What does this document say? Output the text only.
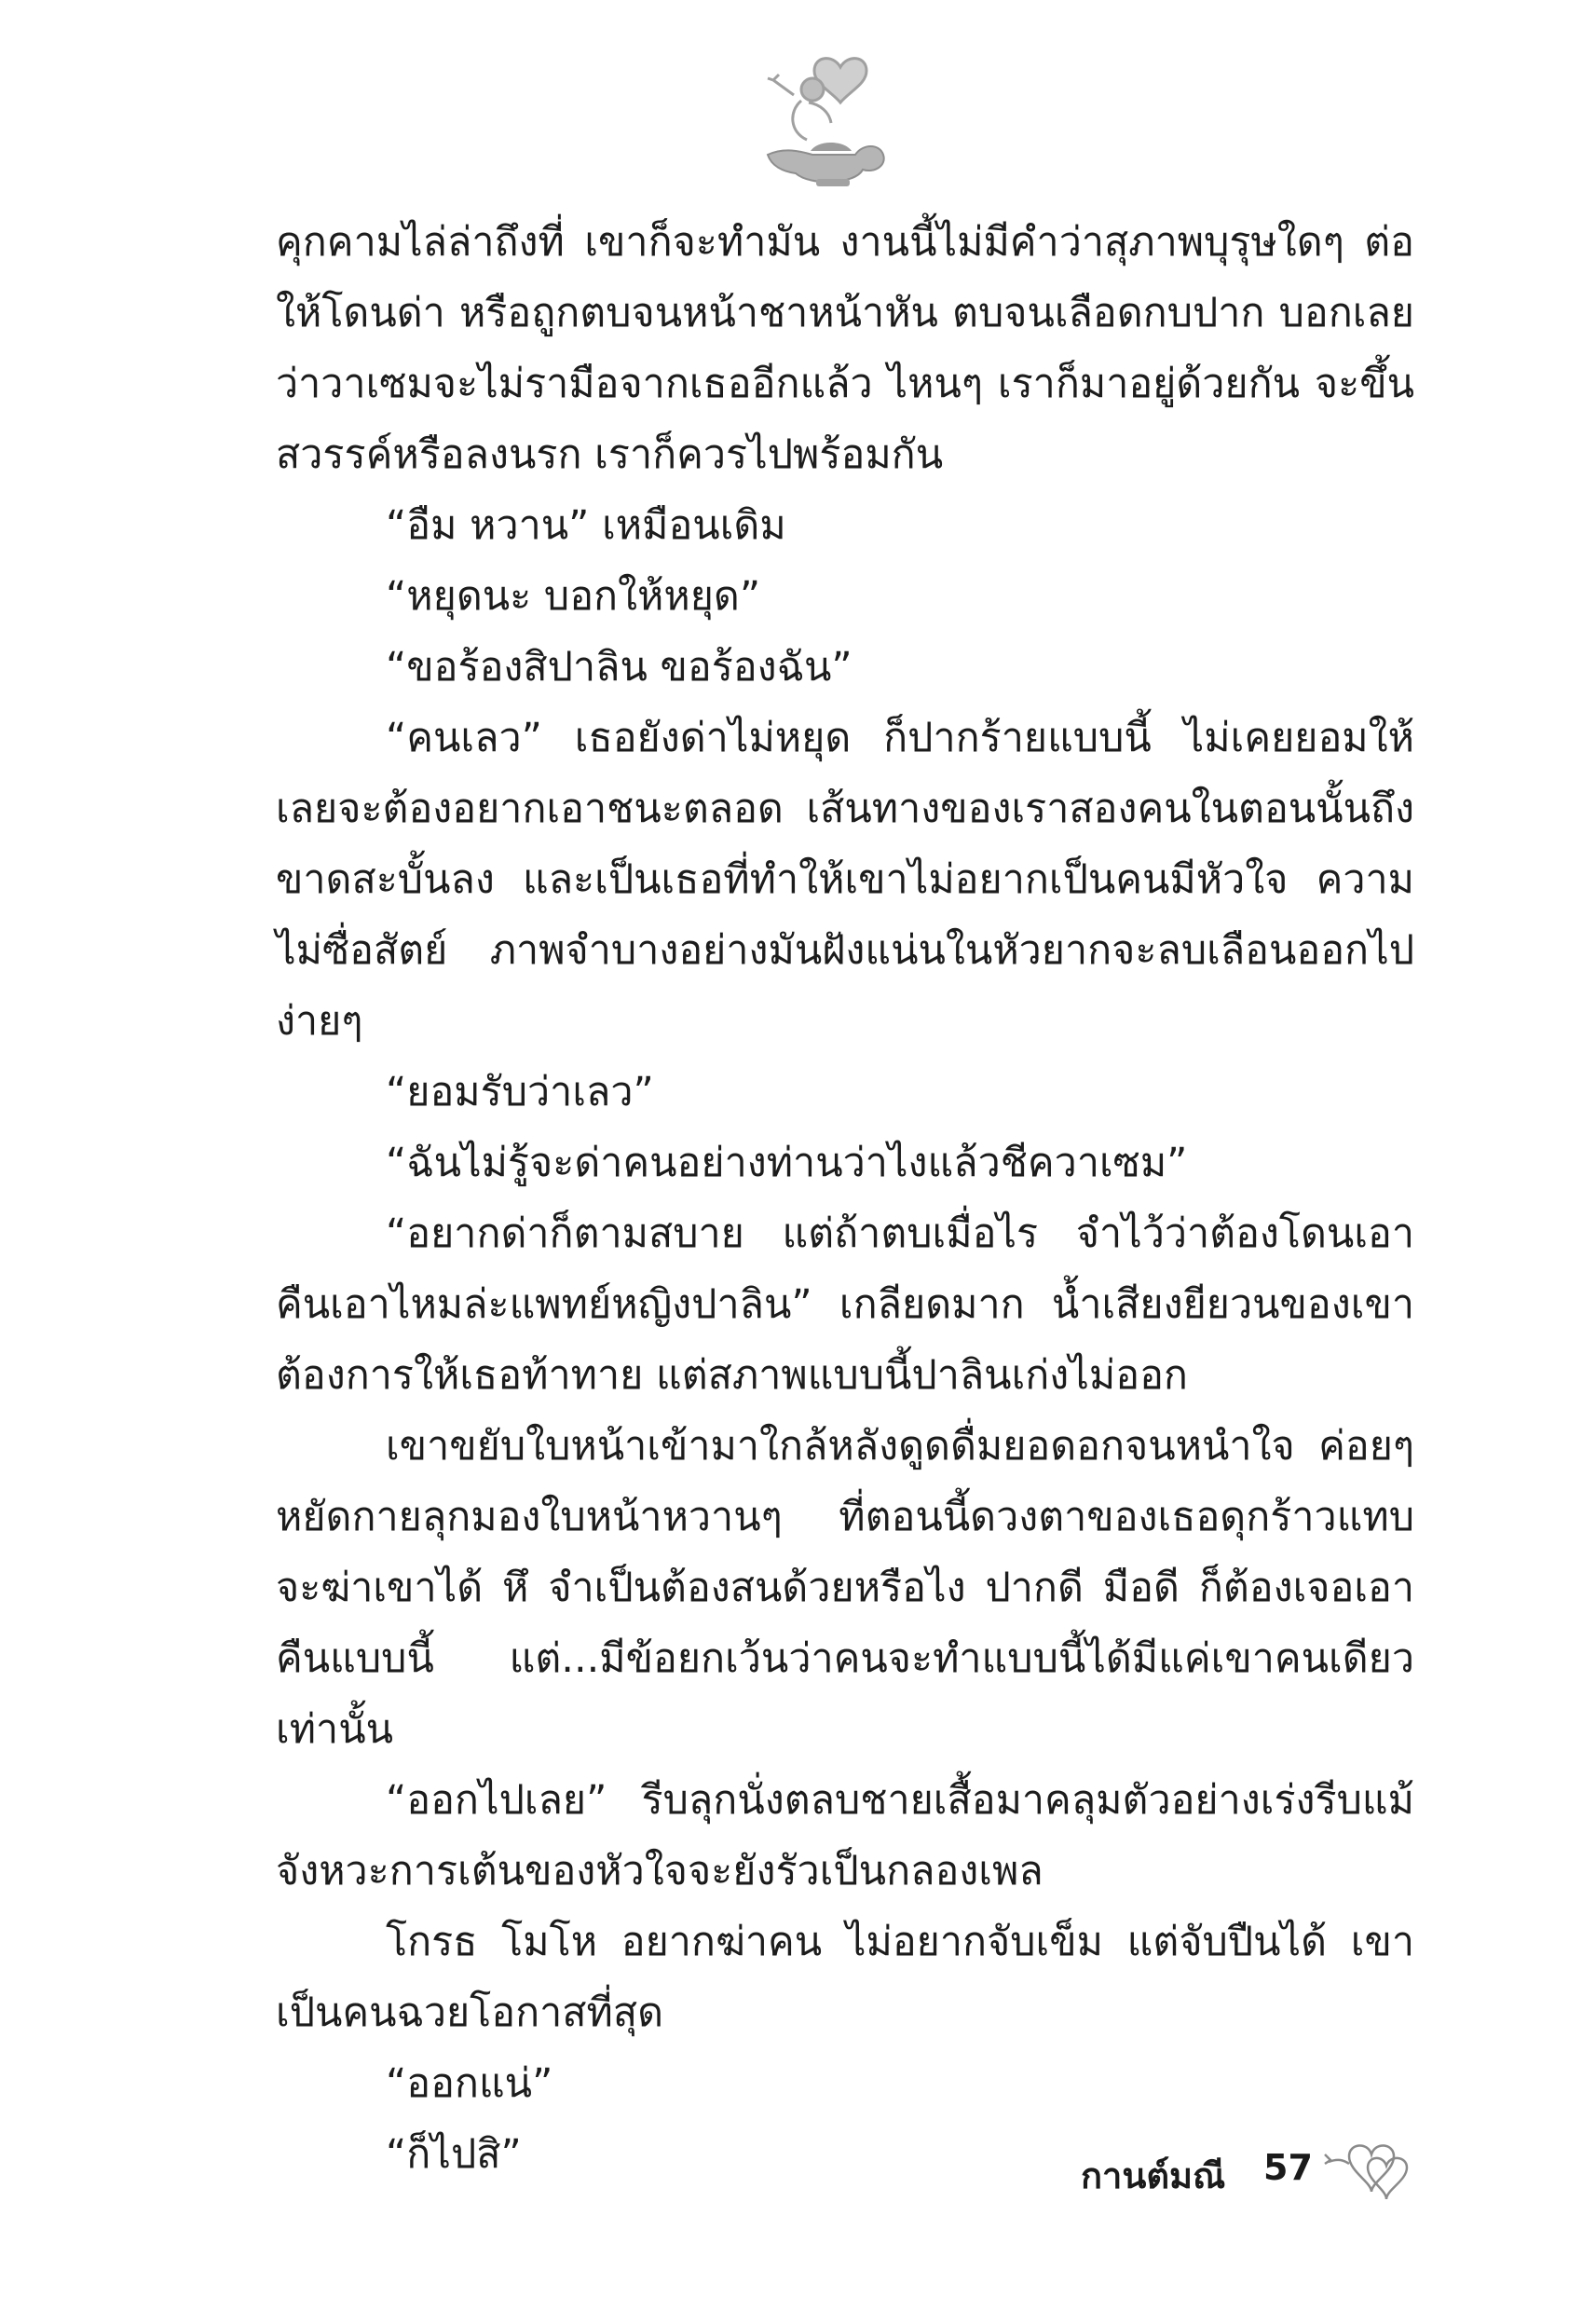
คุกคามไล่ล่าถึงที่ เขาก็จะทำมัน งานนี้ไม่มีคำว่าสุภาพบุรุษใดๆ ต่อให้โดนด่า หรือถูกตบจนหน้าชาหน้าหัน ตบจนเลือดกบปาก บอกเลยว่าวาเซมจะไม่รามือจากเธออีกแล้ว ไหนๆ เราก็มาอยู่ด้วยกัน จะขึ้นสวรรค์หรือลงนรก เราก็ควรไปพร้อมกัน

“อืม หวาน” เหมือนเดิม

“หยุดนะ บอกให้หยุด”

“ขอร้องสิปาลิน ขอร้องฉัน”

“คนเลว” เธอยังด่าไม่หยุด ก็ปากร้ายแบบนี้ ไม่เคยยอมให้เลยจะต้องอยากเอาชนะตลอด เส้นทางของเราสองคนในตอนนั้นถึงขาดสะบั้นลง และเป็นเธอที่ทำให้เขาไม่อยากเป็นคนมีหัวใจ ความไม่ซื่อสัตย์ ภาพจำบางอย่างมันฝังแน่นในหัวยากจะลบเลือนออกไปง่ายๆ

“ยอมรับว่าเลว”

“ฉันไม่รู้จะด่าคนอย่างท่านว่าไงแล้วชีควาเซม”

“อยากด่าก็ตามสบาย แต่ถ้าตบเมื่อไร จำไว้ว่าต้องโดนเอาคืนเอาไหมล่ะแพทย์หญิงปาลิน” เกลียดมาก น้ำเสียงยียวนของเขา ต้องการให้เธอท้าทาย แต่สภาพแบบนี้ปาลินเก่งไม่ออก

เขาขยับใบหน้าเข้ามาใกล้หลังดูดดื่มยอดอกจนหนำใจ ค่อยๆ หยัดกายลุกมองใบหน้าหวานๆ ที่ตอนนี้ดวงตาของเธอดุกร้าวแทบจะฆ่าเขาได้ หึ จำเป็นต้องสนด้วยหรือไง ปากดี มือดี ก็ต้องเจอเอาคืนแบบนี้ แต่...มีข้อยกเว้นว่าคนจะทำแบบนี้ได้มีแค่เขาคนเดียวเท่านั้น

“ออกไปเลย” รีบลุกนั่งตลบชายเสื้อมาคลุมตัวอย่างเร่งรีบแม้จังหวะการเต้นของหัวใจจะยังรัวเป็นกลองเพล

โกรธ โมโห อยากฆ่าคน ไม่อยากจับเข็ม แต่จับปืนได้ เขาเป็นคนฉวยโอกาสที่สุด

“ออกแน่”

“ก็ไปสิ”	กานต์มณี 57
